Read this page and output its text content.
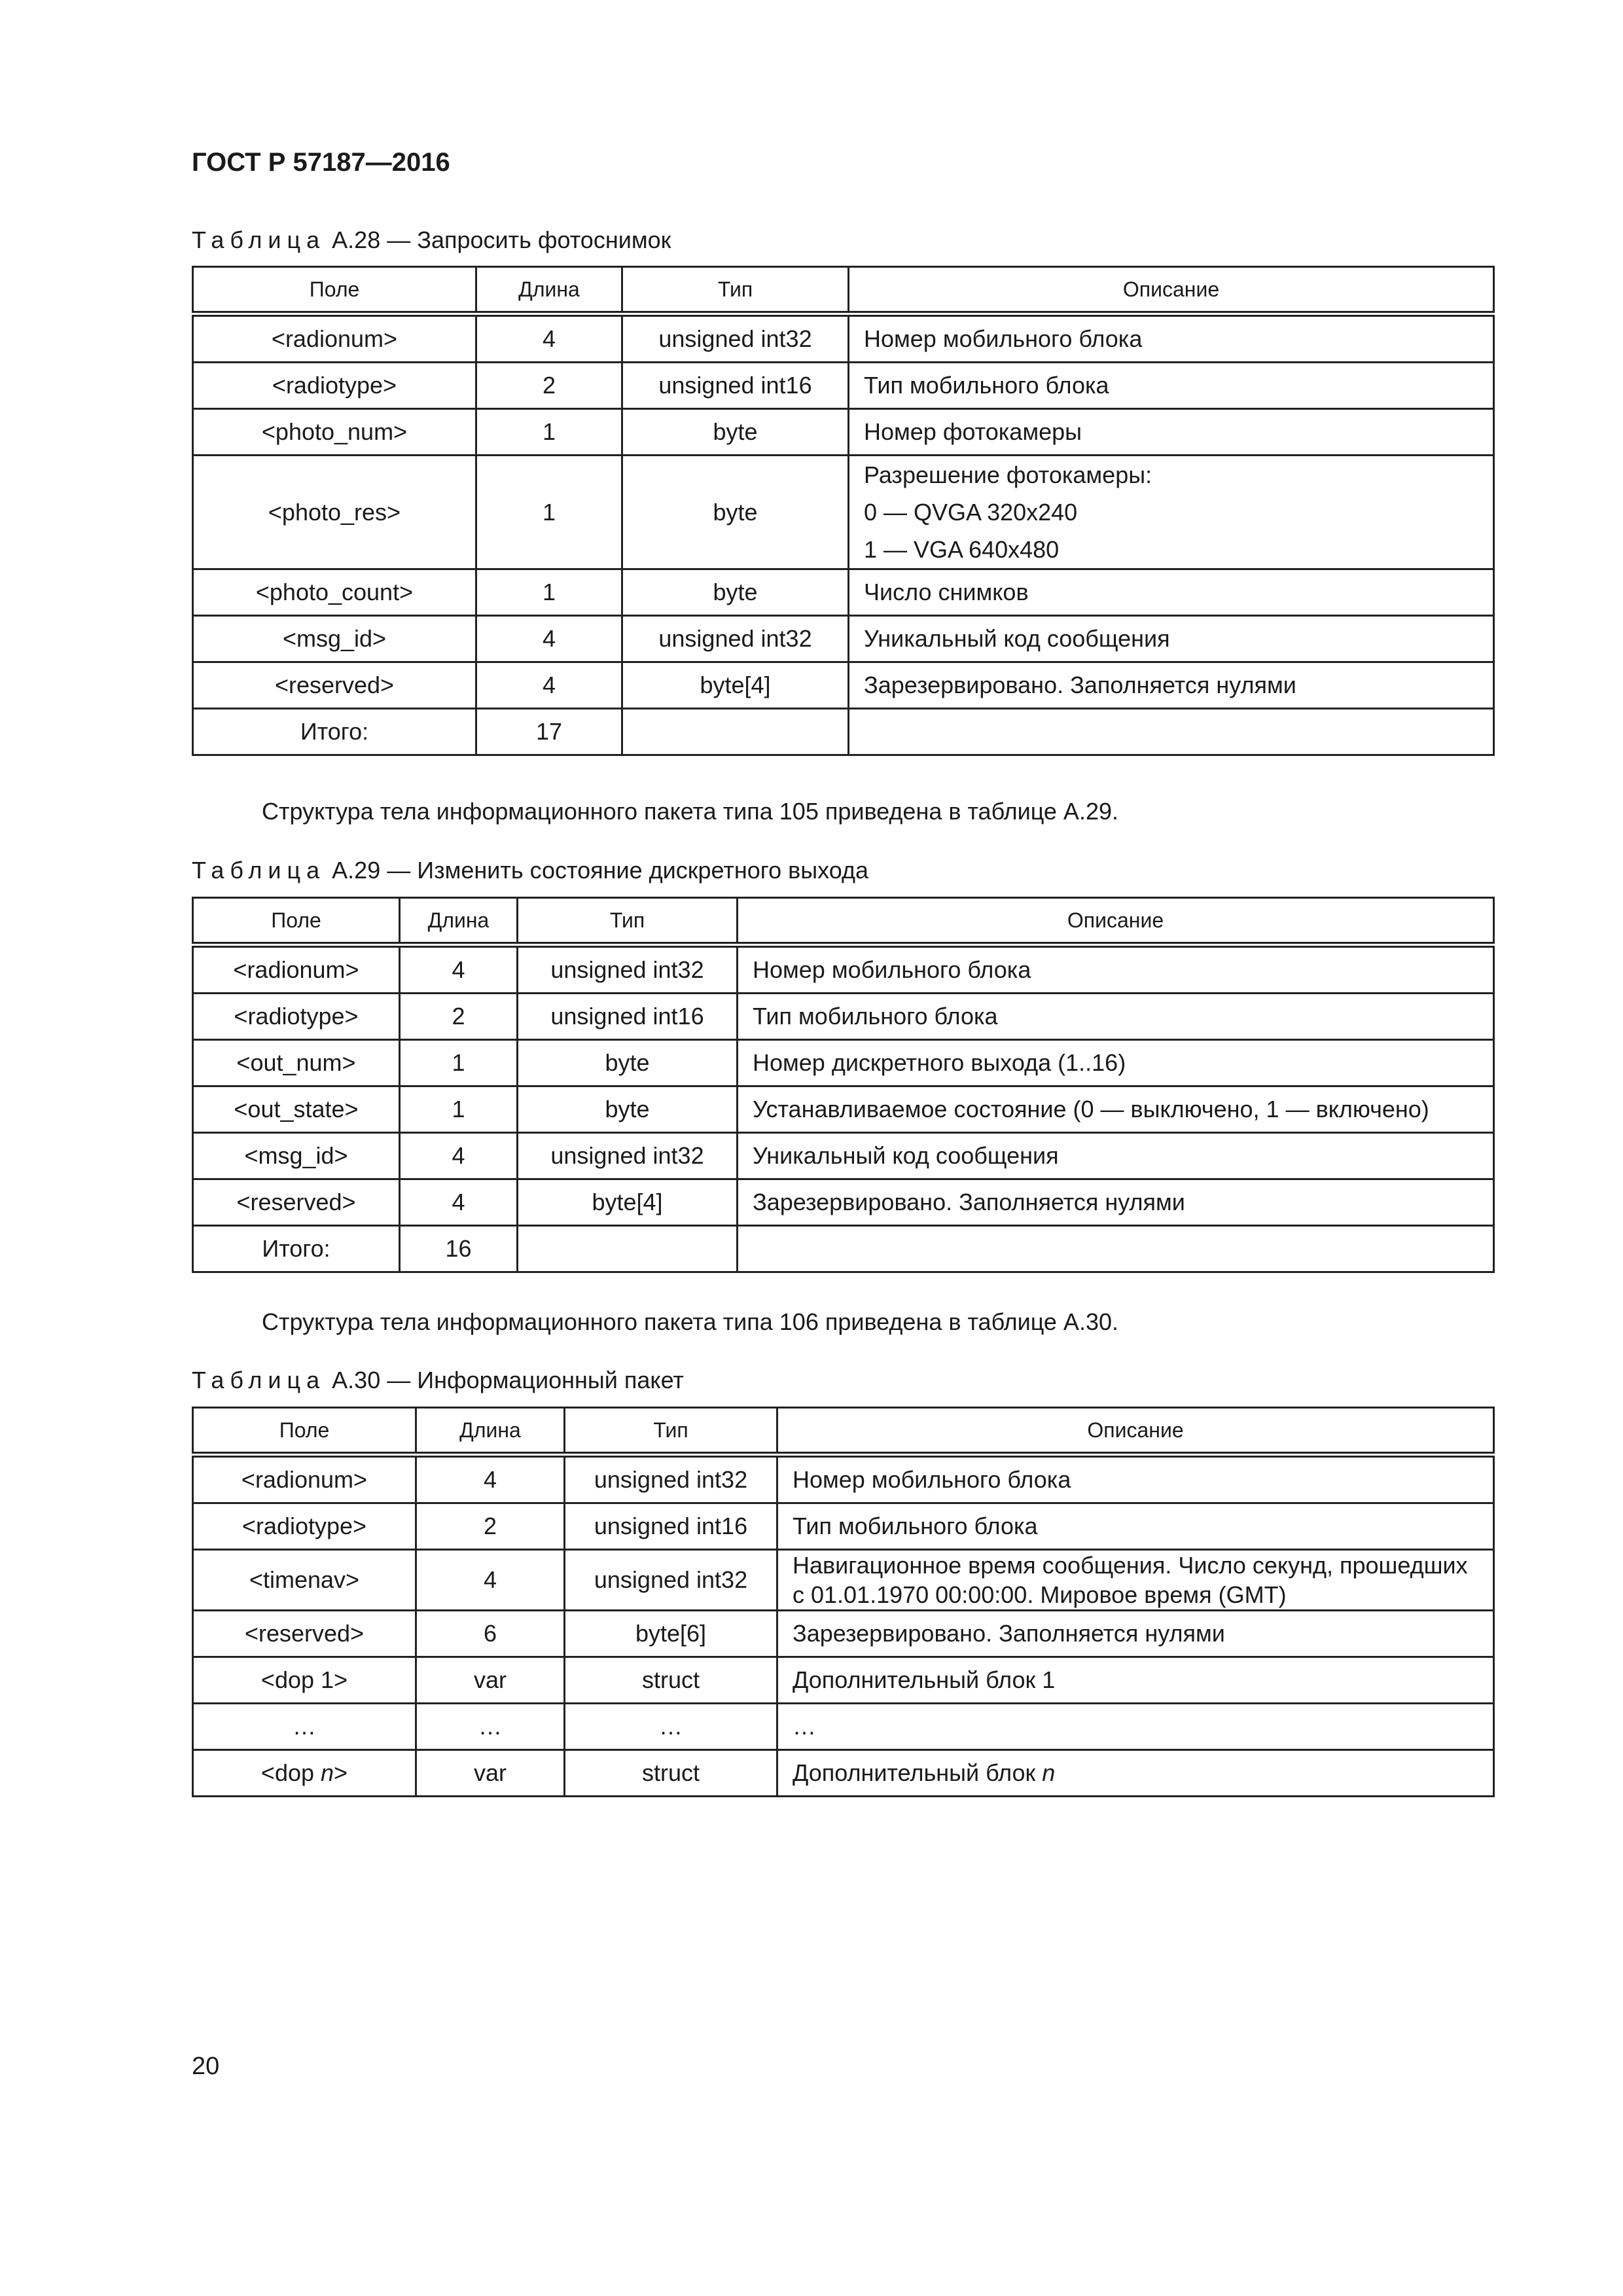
ГОСТ Р 57187—2016
Таблица А.28 — Запросить фотоснимок
Поле	Длина	Тип	Описание
<radionum>	4	unsigned int32	Номер мобильного блока
<radiotype>	2	unsigned int16	Тип мобильного блока
<photo_num>	1	byte	Номер фотокамеры
<photo_res>	1	byte	Разрешение фотокамеры:
0 — QVGA 320x240
1 — VGA 640x480

<photo_count>	1	byte	Число снимков
<msg_id>	4	unsigned int32	Уникальный код сообщения
<reserved>	4	byte[4]	Зарезервировано. Заполняется нулями
Итого:	17		
Структура тела информационного пакета типа 105 приведена в таблице А.29.
Таблица А.29 — Изменить состояние дискретного выхода
Поле	Длина	Тип	Описание
<radionum>	4	unsigned int32	Номер мобильного блока
<radiotype>	2	unsigned int16	Тип мобильного блока
<out_num>	1	byte	Номер дискретного выхода (1..16)
<out_state>	1	byte	Устанавливаемое состояние (0 — выключено, 1 — включено)
<msg_id>	4	unsigned int32	Уникальный код сообщения
<reserved>	4	byte[4]	Зарезервировано. Заполняется нулями
Итого:	16		
Структура тела информационного пакета типа 106 приведена в таблице А.30.
Таблица А.30 — Информационный пакет
Поле	Длина	Тип	Описание
<radionum>	4	unsigned int32	Номер мобильного блока
<radiotype>	2	unsigned int16	Тип мобильного блока
<timenav>	4	unsigned int32	Навигационное время сообщения. Число секунд, прошедших
с 01.01.1970 00:00:00. Мировое время (GMT)

<reserved>	6	byte[6]	Зарезервировано. Заполняется нулями
<dop 1>	var	struct	Дополнительный блок 1
…	…	…	…
<dop n>	var	struct	Дополнительный блок n
20
